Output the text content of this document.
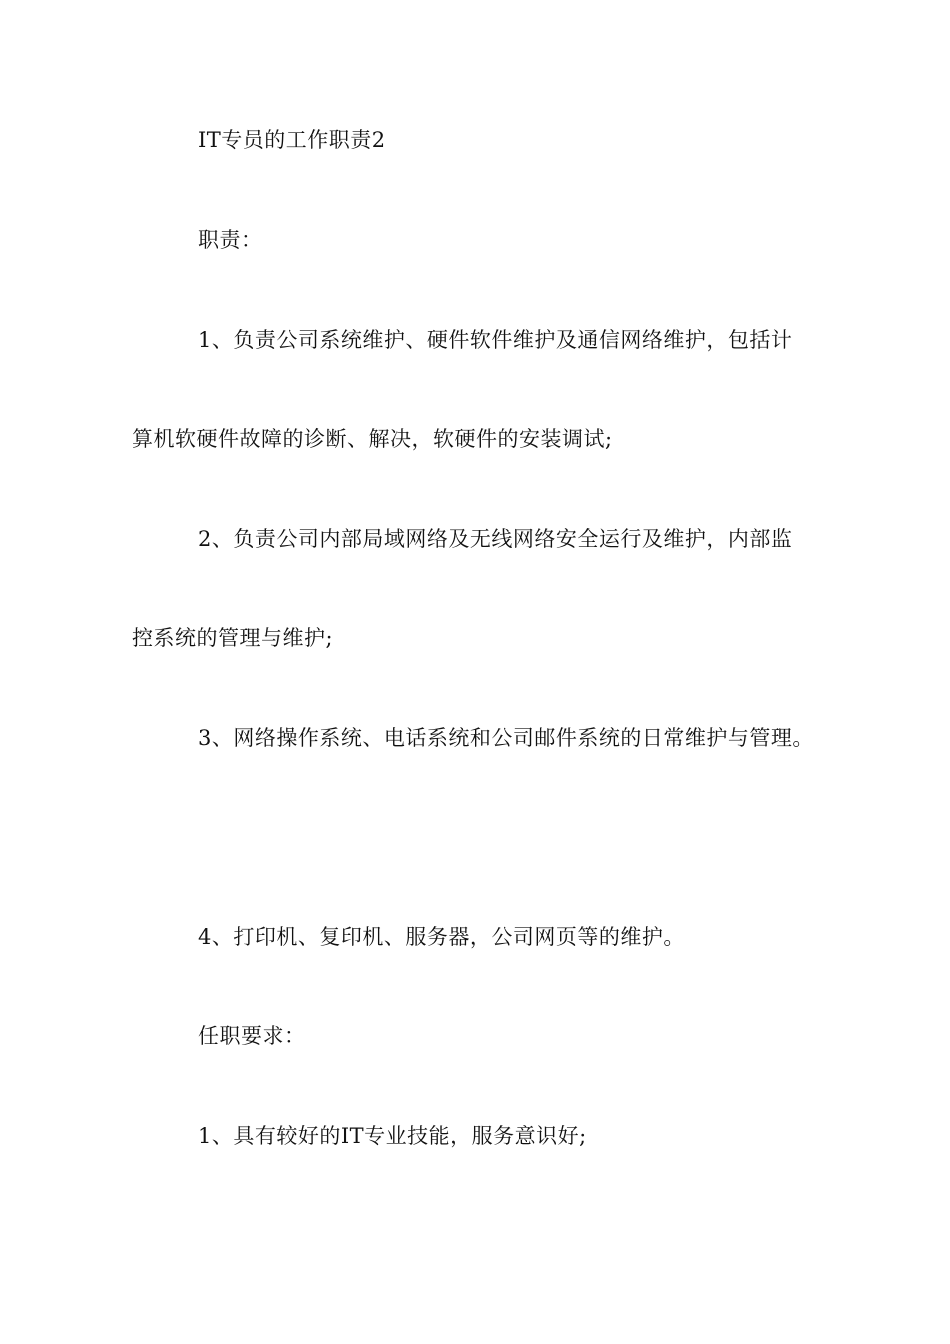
IT专员的工作职责2
职责：
1、负责公司系统维护、硬件软件维护及通信网络维护，包括计
算机软硬件故障的诊断、解决，软硬件的安装调试;
2、负责公司内部局域网络及无线网络安全运行及维护，内部监
控系统的管理与维护;
3、网络操作系统、电话系统和公司邮件系统的日常维护与管理。
4、打印机、复印机、服务器，公司网页等的维护。
任职要求：
1、具有较好的IT专业技能，服务意识好;
